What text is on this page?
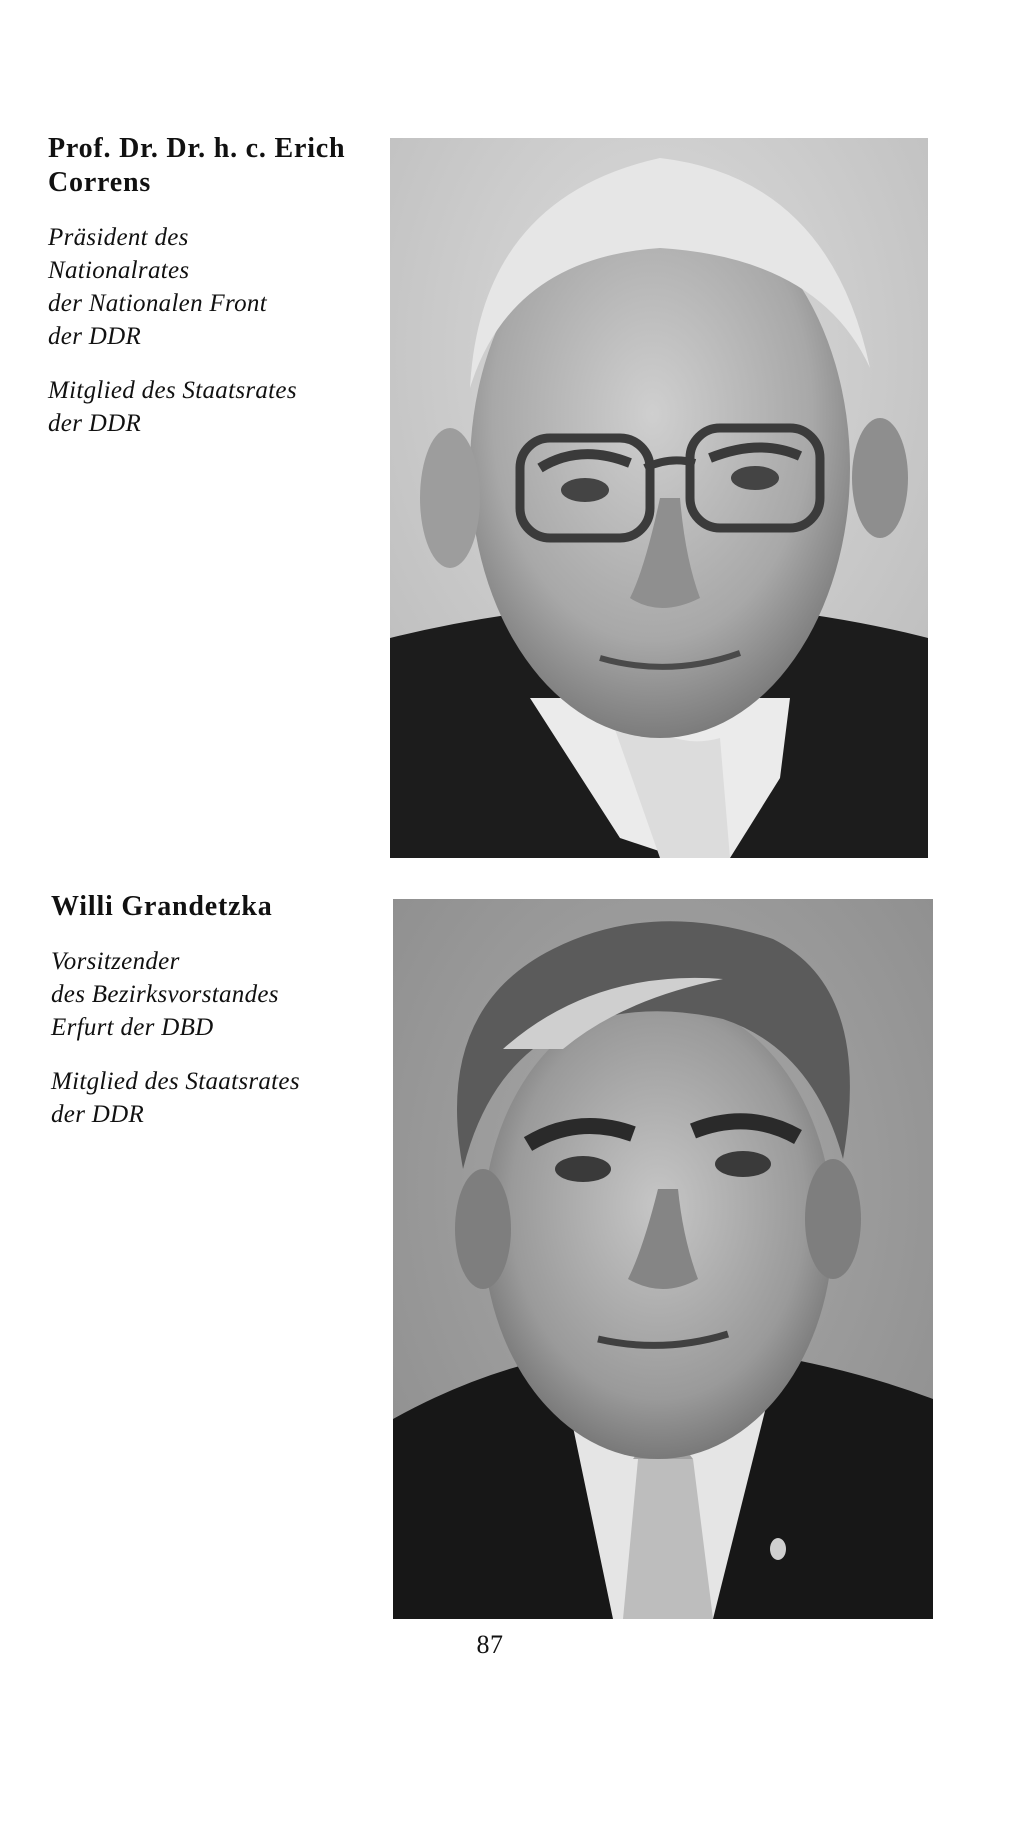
Prof. Dr. Dr. h. c. Erich
Correns
Präsident des
Nationalrates
der Nationalen Front
der DDR
Mitglied des Staatsrates
der DDR
Willi Grandetzka
Vorsitzender
des Bezirksvorstandes
Erfurt der DBD
Mitglied des Staatsrates
der DDR
87
